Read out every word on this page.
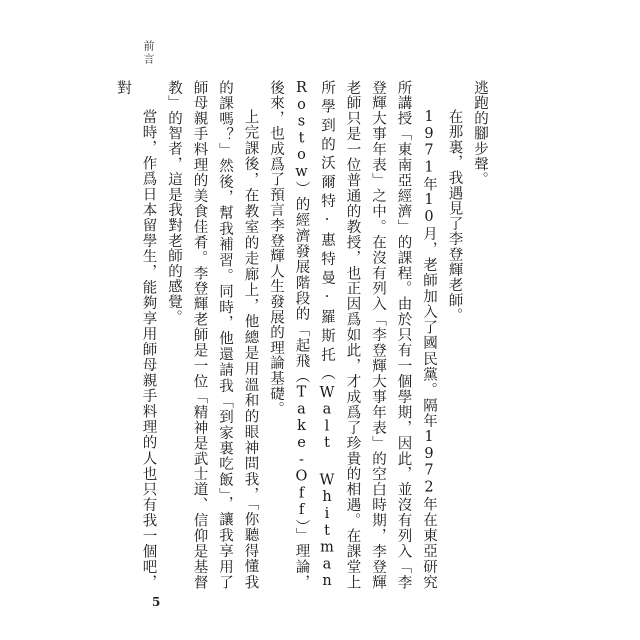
前言

逃跑的腳步聲。

在那裏，我遇見了李登輝老師。

1971年10月，老師加入了國民黨。隔年1972年在東亞研究所講授「東南亞經濟」的課程。由於只有一個學期，因此，並沒有列入「李登輝大事年表」之中。在沒有列入「李登輝大事年表」的空白時期，李登輝老師只是一位普通的教授，也正因爲如此，才成爲了珍貴的相遇。在課堂上所學到的沃爾特·惠特曼·羅斯托（Walt Whitman Rostow）的經濟發展階段的「起飛（Take-Off）」理論，後來，也成爲了預言李登輝人生發展的理論基礎。

上完課後，在教室的走廊上，他總是用溫和的眼神問我，「你聽得懂我的課嗎？」然後，幫我補習。同時，他還請我「到家裏吃飯」，讓我享用了師母親手料理的美食佳肴。李登輝老師是一位「精神是武士道、信仰是基督教」的智者，這是我對老師的感覺。

當時，作爲日本留學生，能夠享用師母親手料理的人也只有我一個吧，對

5
